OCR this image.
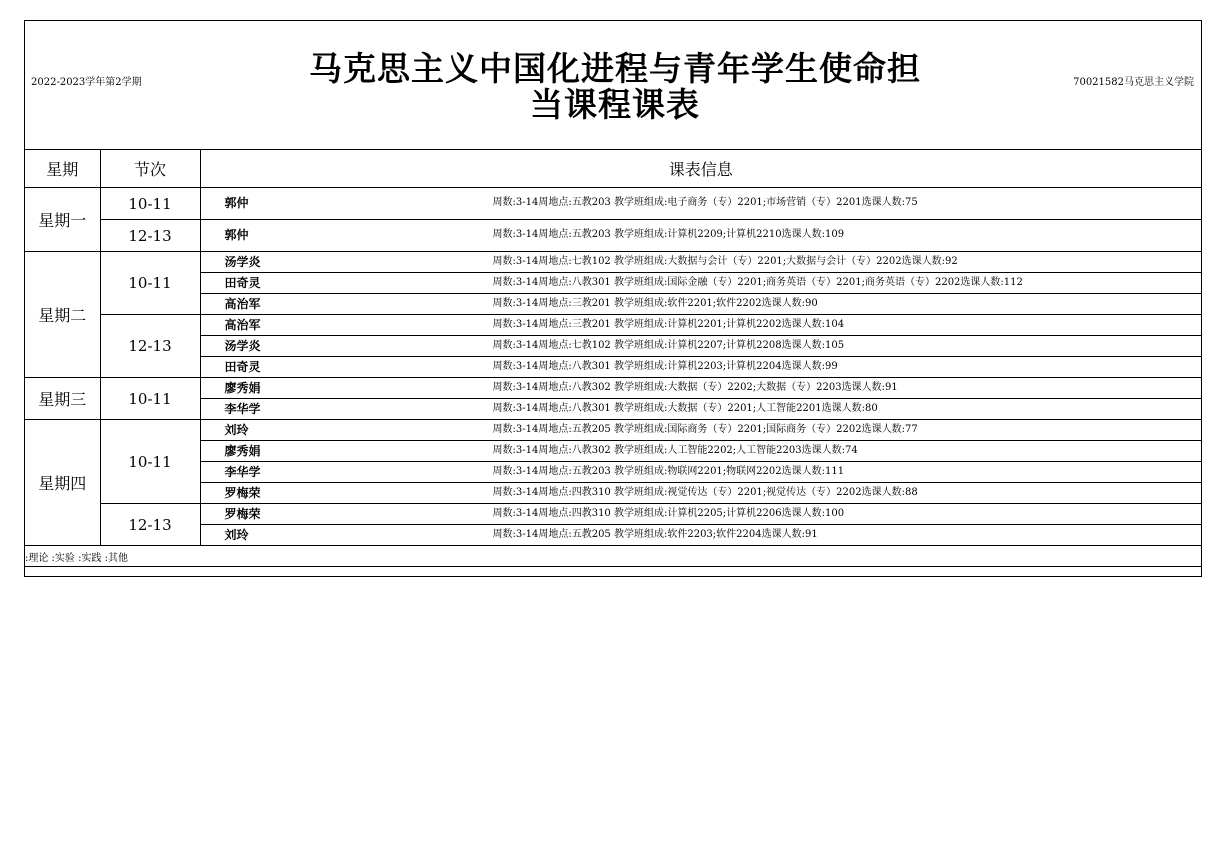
2022-2023学年第2学期	马克思主义中国化进程与青年学生使命担
当课程课表
70021582马克思主义学院
星期	节次	课表信息
星期一	10-11	郭仲 周数:3-14周地点:五教203 教学班组成:电子商务（专）2201;市场营销（专）2201选课人数:75
	12-13	郭仲 周数:3-14周地点:五教203 教学班组成:计算机2209;计算机2210选课人数:109
星期二	10-11	汤学炎 周数:3-14周地点:七教102 教学班组成:大数据与会计（专）2201;大数据与会计（专）2202选课人数:92
		田奇灵 周数:3-14周地点:八教301 教学班组成:国际金融（专）2201;商务英语（专）2201;商务英语（专）2202选课人数:112
		高治军 周数:3-14周地点:三教201 教学班组成:软件2201;软件2202选课人数:90
	12-13	高治军 周数:3-14周地点:三教201 教学班组成:计算机2201;计算机2202选课人数:104
		汤学炎 周数:3-14周地点:七教102 教学班组成:计算机2207;计算机2208选课人数:105
		田奇灵 周数:3-14周地点:八教301 教学班组成:计算机2203;计算机2204选课人数:99
星期三	10-11	廖秀娟 周数:3-14周地点:八教302 教学班组成:大数据（专）2202;大数据（专）2203选课人数:91
		李华学 周数:3-14周地点:八教301 教学班组成:大数据（专）2201;人工智能2201选课人数:80
星期四	10-11	刘玲 周数:3-14周地点:五教205 教学班组成:国际商务（专）2201;国际商务（专）2202选课人数:77
		廖秀娟 周数:3-14周地点:八教302 教学班组成:人工智能2202;人工智能2203选课人数:74
		李华学 周数:3-14周地点:五教203 教学班组成:物联网2201;物联网2202选课人数:111
		罗梅荣 周数:3-14周地点:四教310 教学班组成:视觉传达（专）2201;视觉传达（专）2202选课人数:88
	12-13	罗梅荣 周数:3-14周地点:四教310 教学班组成:计算机2205;计算机2206选课人数:100
		刘玲 周数:3-14周地点:五教205 教学班组成:软件2203;软件2204选课人数:91
:理论 :实验 :实践 :其他		
